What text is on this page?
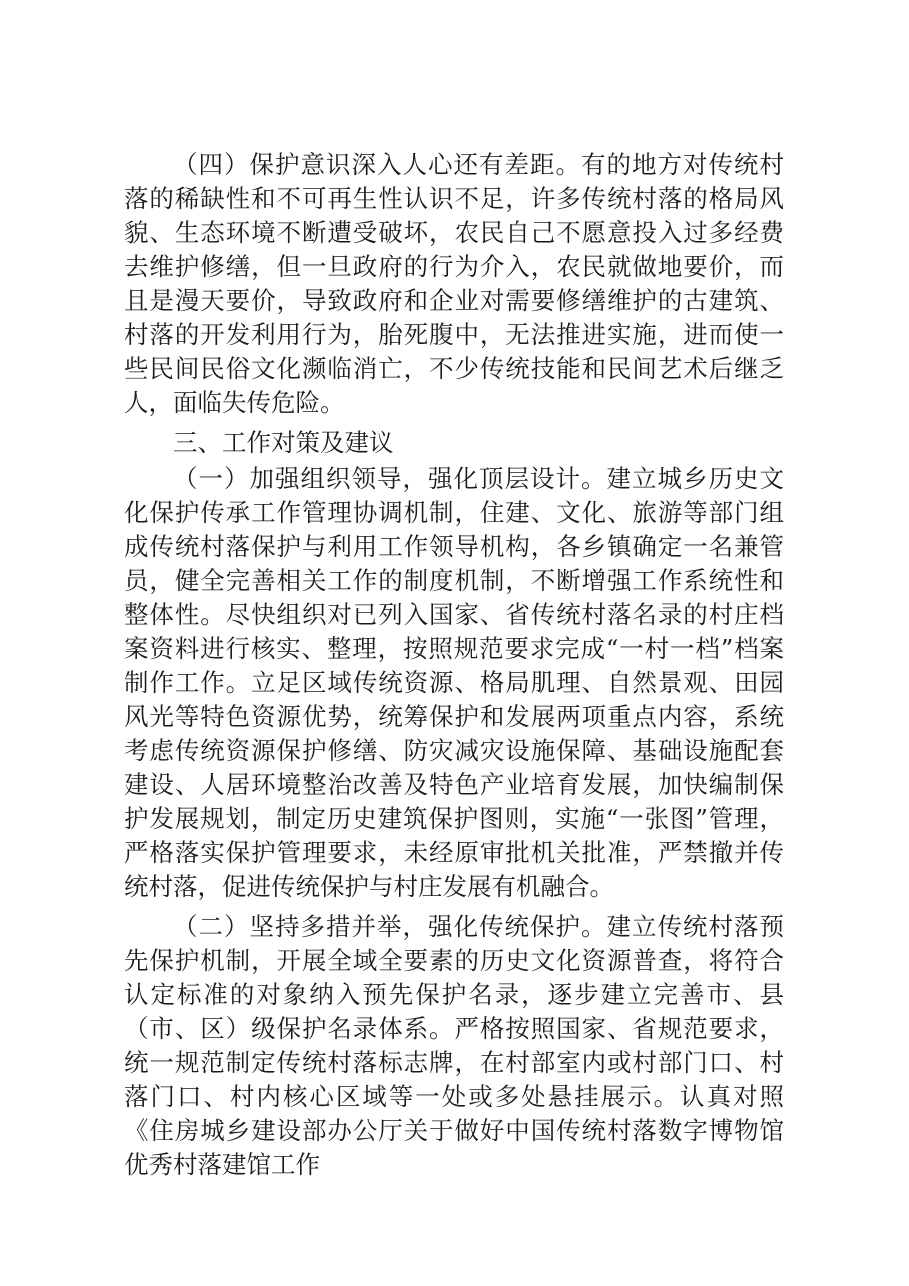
（四）保护意识深入人心还有差距。有的地方对传统村落的稀缺性和不可再生性认识不足，许多传统村落的格局风貌、生态环境不断遭受破坏，农民自己不愿意投入过多经费去维护修缮，但一旦政府的行为介入，农民就做地要价，而且是漫天要价，导致政府和企业对需要修缮维护的古建筑、村落的开发利用行为，胎死腹中，无法推进实施，进而使一些民间民俗文化濒临消亡，不少传统技能和民间艺术后继乏人，面临失传危险。

三、工作对策及建议

（一）加强组织领导，强化顶层设计。建立城乡历史文化保护传承工作管理协调机制，住建、文化、旅游等部门组成传统村落保护与利用工作领导机构，各乡镇确定一名兼管员，健全完善相关工作的制度机制，不断增强工作系统性和整体性。尽快组织对已列入国家、省传统村落名录的村庄档案资料进行核实、整理，按照规范要求完成“一村一档”档案制作工作。立足区域传统资源、格局肌理、自然景观、田园风光等特色资源优势，统筹保护和发展两项重点内容，系统考虑传统资源保护修缮、防灾减灾设施保障、基础设施配套建设、人居环境整治改善及特色产业培育发展，加快编制保护发展规划，制定历史建筑保护图则，实施“一张图”管理，严格落实保护管理要求，未经原审批机关批准，严禁撤并传统村落，促进传统保护与村庄发展有机融合。

（二）坚持多措并举，强化传统保护。建立传统村落预先保护机制，开展全域全要素的历史文化资源普查，将符合认定标准的对象纳入预先保护名录，逐步建立完善市、县（市、区）级保护名录体系。严格按照国家、省规范要求，统一规范制定传统村落标志牌，在村部室内或村部门口、村落门口、村内核心区域等一处或多处悬挂展示。认真对照《住房城乡建设部办公厅关于做好中国传统村落数字博物馆优秀村落建馆工作
